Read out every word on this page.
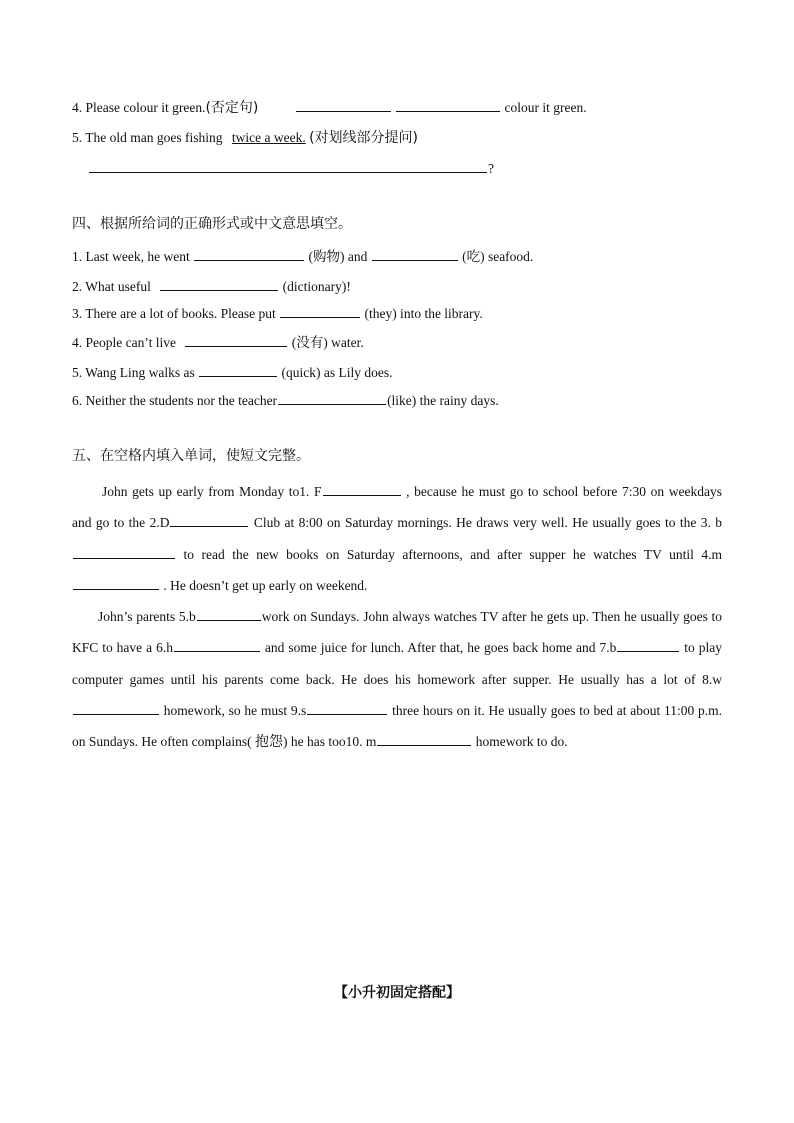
4. Please colour it green.(否定句)	colour it green.
5. The old man goes fishing twice a week. (对划线部分提问)
?
四、根据所给词的正确形式或中文意思填空。
1. Last week, he went	(购物) and	(吃) seafood.
2. What useful	(dictionary)!
3. There are a lot of books. Please put	(they) into the library.
4. People can’t live	(没有) water.
5. Wang Ling walks as	(quick) as Lily does.
6. Neither the students nor the teacher	(like) the rainy days.
五、在空格内填入单词，使短文完整。
John gets up early from Monday to1. F	, because he must go to school before 7:30 on weekdays and go to the 2.D	Club at 8:00 on Saturday mornings. He draws very well. He usually goes to the 3. b  to read the new books on Saturday afternoons, and after supper he watches TV until 4.m  . He doesn’t get up early on weekend.
John’s parents 5.b	work on Sundays. John always watches TV after he gets up. Then he usually goes to KFC to have a 6.h	and some juice for lunch. After that, he goes back home and 7.b	to play computer games until his parents come back. He does his homework after supper. He usually has a lot of 8.w homework, so he must 9.s	three hours on it. He usually goes to bed at about 11:00 p.m. on Sundays. He often complains( 抱怨) he has too10. m	homework to do.
【小升初固定搭配】
